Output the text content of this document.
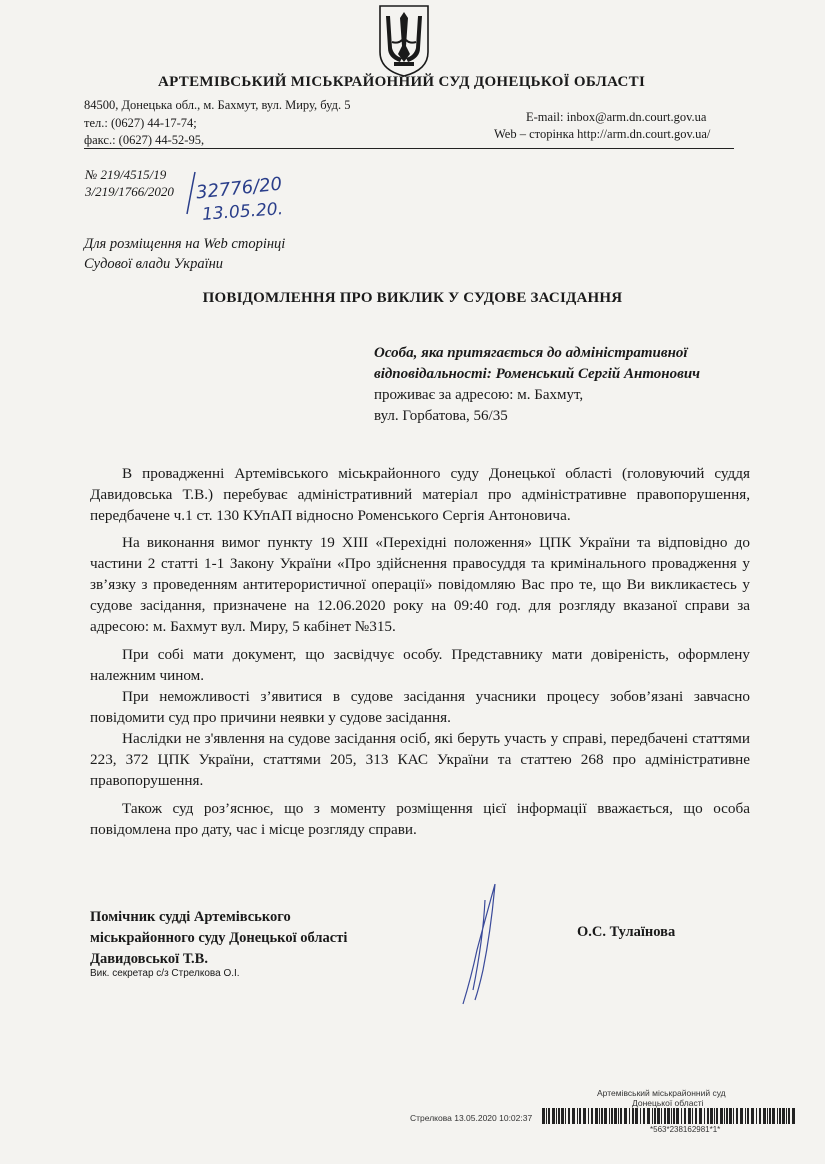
АРТЕМІВСЬКИЙ МІСЬКРАЙОННИЙ СУД ДОНЕЦЬКОЇ ОБЛАСТІ
84500, Донецька обл., м. Бахмут, вул. Миру, буд. 5
тел.: (0627) 44-17-74;
факс.: (0627) 44-52-95,
E-mail: inbox@arm.dn.court.gov.ua
Web – сторінка http://arm.dn.court.gov.ua/
№ 219/4515/19
3/219/1766/2020 32776/20
13.05.20.
Для розміщення на Web сторінці
Судової влади України
ПОВІДОМЛЕННЯ ПРО ВИКЛИК У СУДОВЕ ЗАСІДАННЯ
Особа, яка притягається до адміністративної
відповідальності: Роменський Сергій Антонович
проживає за адресою: м. Бахмут,
вул. Горбатова, 56/35

В провадженні Артемівського міськрайонного суду Донецької області (головуючий суддя Давидовська Т.В.) перебуває адміністративний матеріал про адміністративне правопорушення, передбачене ч.1 ст. 130 КУпАП відносно Роменського Сергія Антоновича.

На виконання вимог пункту 19 XIII «Перехідні положення» ЦПК України та відповідно до частини 2 статті 1-1 Закону України «Про здійснення правосуддя та кримінального провадження у зв’язку з проведенням антитерористичної операції» повідомляю Вас про те, що Ви викликаєтесь у судове засідання, призначене на 12.06.2020 року на 09:40 год. для розгляду вказаної справи за адресою: м. Бахмут вул. Миру, 5 кабінет №315.

При собі мати документ, що засвідчує особу. Представнику мати довіреність, оформлену належним чином.

При неможливості з’явитися в судове засідання учасники процесу зобов’язані завчасно повідомити суд про причини неявки у судове засідання.

Наслідки не з'явлення на судове засідання осіб, які беруть участь у справі, передбачені статтями 223, 372 ЦПК України, статтями 205, 313 КАС України та статтею 268 про адміністративне правопорушення.

Також суд роз’яснює, що з моменту розміщення цієї інформації вважається, що особа повідомлена про дату, час і місце розгляду справи.

Помічник судді Артемівського
міськрайонного суду Донецької області
Давидовської Т.В.
О.С. Тулаїнова
Вик. секретар с/з Стрелкова О.І.
Артемівський міськрайонний суд
Донецької області
Стрелкова 13.05.2020 10:02:37
*563*238162981*1*
